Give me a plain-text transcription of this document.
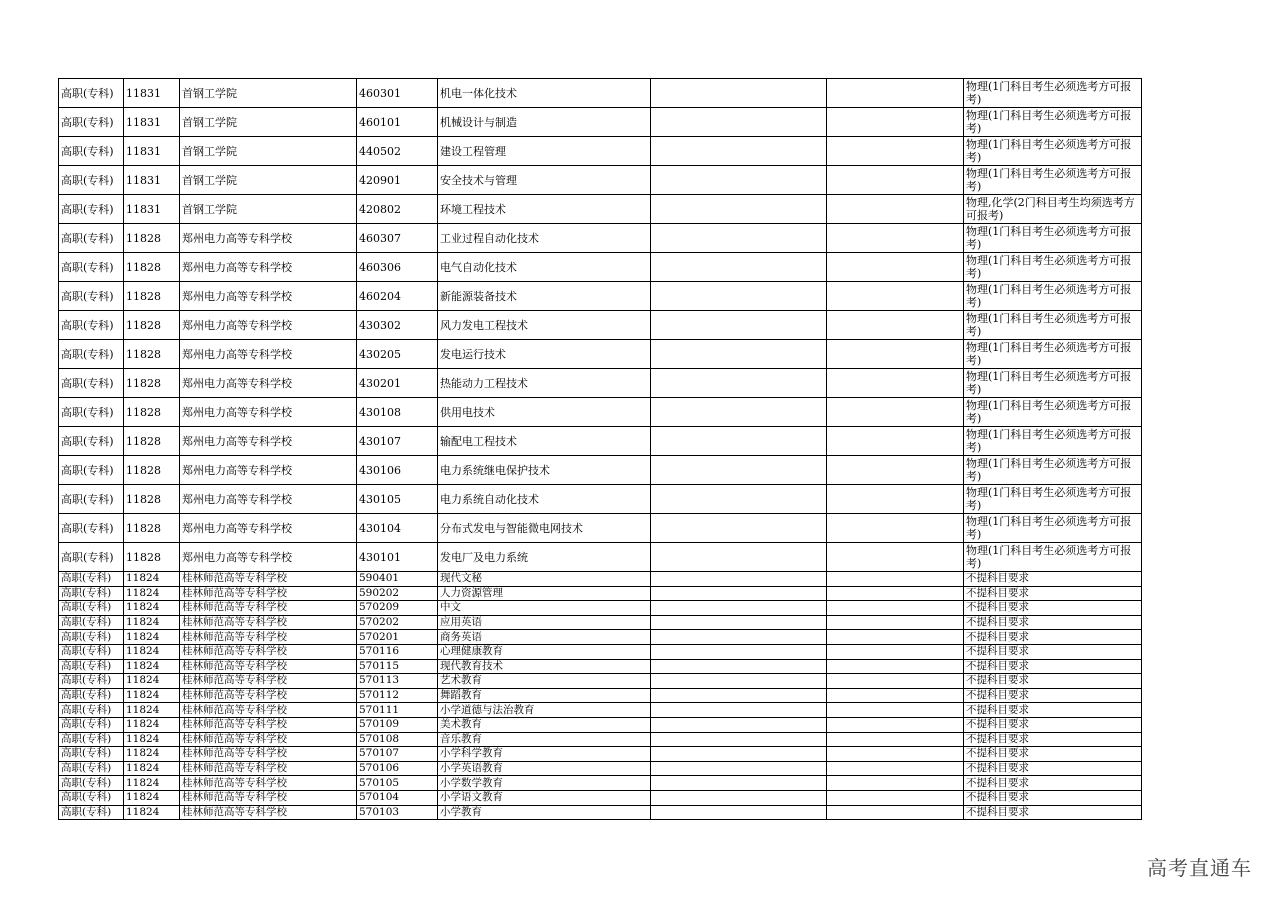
高职(专科)	11831	首钢工学院	460301	机电一体化技术			物理(1门科目考生必须选考方可报考)
高职(专科)	11831	首钢工学院	460101	机械设计与制造			物理(1门科目考生必须选考方可报考)
高职(专科)	11831	首钢工学院	440502	建设工程管理			物理(1门科目考生必须选考方可报考)
高职(专科)	11831	首钢工学院	420901	安全技术与管理			物理(1门科目考生必须选考方可报考)
高职(专科)	11831	首钢工学院	420802	环境工程技术			物理,化学(2门科目考生均须选考方可报考)
高职(专科)	11828	郑州电力高等专科学校	460307	工业过程自动化技术			物理(1门科目考生必须选考方可报考)
高职(专科)	11828	郑州电力高等专科学校	460306	电气自动化技术			物理(1门科目考生必须选考方可报考)
高职(专科)	11828	郑州电力高等专科学校	460204	新能源装备技术			物理(1门科目考生必须选考方可报考)
高职(专科)	11828	郑州电力高等专科学校	430302	风力发电工程技术			物理(1门科目考生必须选考方可报考)
高职(专科)	11828	郑州电力高等专科学校	430205	发电运行技术			物理(1门科目考生必须选考方可报考)
高职(专科)	11828	郑州电力高等专科学校	430201	热能动力工程技术			物理(1门科目考生必须选考方可报考)
高职(专科)	11828	郑州电力高等专科学校	430108	供用电技术			物理(1门科目考生必须选考方可报考)
高职(专科)	11828	郑州电力高等专科学校	430107	输配电工程技术			物理(1门科目考生必须选考方可报考)
高职(专科)	11828	郑州电力高等专科学校	430106	电力系统继电保护技术			物理(1门科目考生必须选考方可报考)
高职(专科)	11828	郑州电力高等专科学校	430105	电力系统自动化技术			物理(1门科目考生必须选考方可报考)
高职(专科)	11828	郑州电力高等专科学校	430104	分布式发电与智能微电网技术			物理(1门科目考生必须选考方可报考)
高职(专科)	11828	郑州电力高等专科学校	430101	发电厂及电力系统			物理(1门科目考生必须选考方可报考)
高职(专科)	11824	桂林师范高等专科学校	590401	现代文秘			不提科目要求
高职(专科)	11824	桂林师范高等专科学校	590202	人力资源管理			不提科目要求
高职(专科)	11824	桂林师范高等专科学校	570209	中文			不提科目要求
高职(专科)	11824	桂林师范高等专科学校	570202	应用英语			不提科目要求
高职(专科)	11824	桂林师范高等专科学校	570201	商务英语			不提科目要求
高职(专科)	11824	桂林师范高等专科学校	570116	心理健康教育			不提科目要求
高职(专科)	11824	桂林师范高等专科学校	570115	现代教育技术			不提科目要求
高职(专科)	11824	桂林师范高等专科学校	570113	艺术教育			不提科目要求
高职(专科)	11824	桂林师范高等专科学校	570112	舞蹈教育			不提科目要求
高职(专科)	11824	桂林师范高等专科学校	570111	小学道德与法治教育			不提科目要求
高职(专科)	11824	桂林师范高等专科学校	570109	美术教育			不提科目要求
高职(专科)	11824	桂林师范高等专科学校	570108	音乐教育			不提科目要求
高职(专科)	11824	桂林师范高等专科学校	570107	小学科学教育			不提科目要求
高职(专科)	11824	桂林师范高等专科学校	570106	小学英语教育			不提科目要求
高职(专科)	11824	桂林师范高等专科学校	570105	小学数学教育			不提科目要求
高职(专科)	11824	桂林师范高等专科学校	570104	小学语文教育			不提科目要求
高职(专科)	11824	桂林师范高等专科学校	570103	小学教育			不提科目要求
高考直通车
